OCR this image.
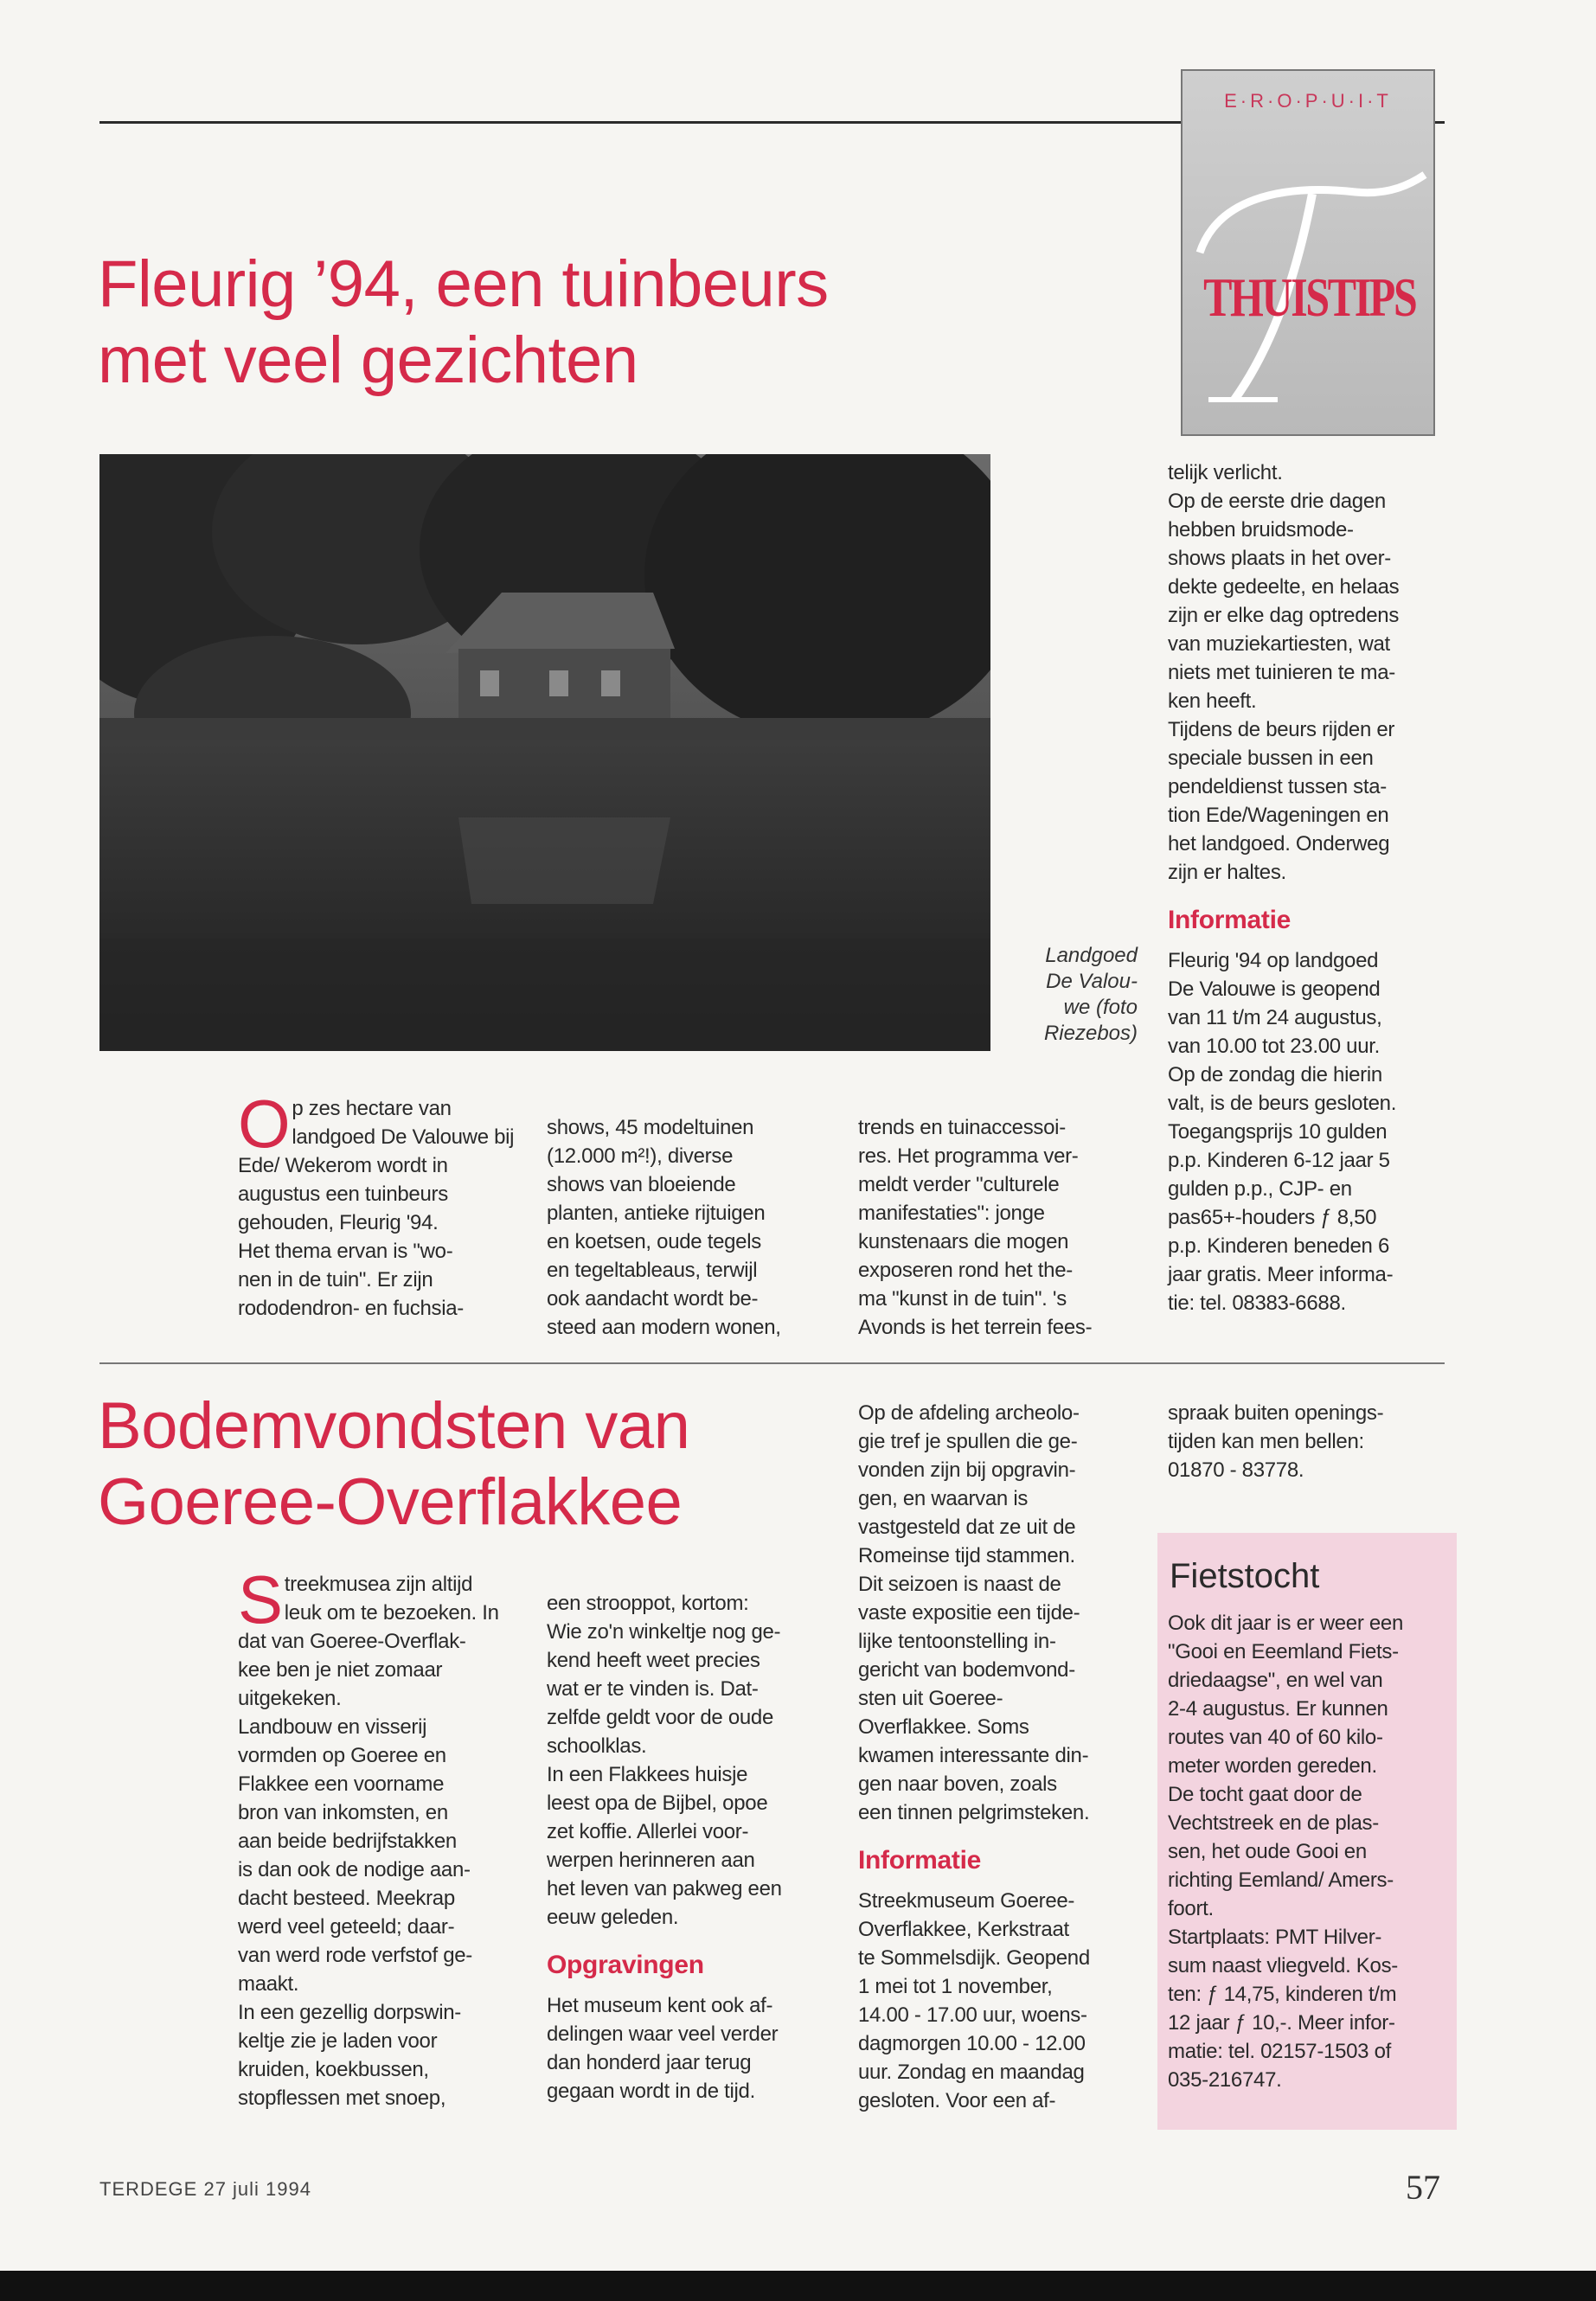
E·R·O·P·U·I·T
THUISTIPS
Fleurig ’94, een tuinbeurs
met veel gezichten
Landgoed
De Valou-
we (foto
Riezebos)
O p zes hectare van
landgoed De Valouwe bij
Ede/ Wekerom wordt in
augustus een tuinbeurs
gehouden, Fleurig '94.
Het thema ervan is "wo-
nen in de tuin". Er zijn
rododendron- en fuchsia-

shows, 45 modeltuinen
(12.000 m²!), diverse
shows van bloeiende
planten, antieke rijtuigen
en koetsen, oude tegels
en tegeltableaus, terwijl
ook aandacht wordt be-
steed aan modern wonen,

trends en tuinaccessoi-
res. Het programma ver-
meldt verder "culturele
manifestaties": jonge
kunstenaars die mogen
exposeren rond het the-
ma "kunst in de tuin". 's
Avonds is het terrein fees-

telijk verlicht.
Op de eerste drie dagen
hebben bruidsmode-
shows plaats in het over-
dekte gedeelte, en helaas
zijn er elke dag optredens
van muziekartiesten, wat
niets met tuinieren te ma-
ken heeft.
Tijdens de beurs rijden er
speciale bussen in een
pendeldienst tussen sta-
tion Ede/Wageningen en
het landgoed. Onderweg
zijn er haltes.

Informatie

Fleurig '94 op landgoed
De Valouwe is geopend
van 11 t/m 24 augustus,
van 10.00 tot 23.00 uur.
Op de zondag die hierin
valt, is de beurs gesloten.
Toegangsprijs 10 gulden
p.p. Kinderen 6-12 jaar 5
gulden p.p., CJP- en
pas65+-houders ƒ 8,50
p.p. Kinderen beneden 6
jaar gratis. Meer informa-
tie: tel. 08383-6688.

Bodemvondsten van
Goeree-Overflakkee
S treekmusea zijn altijd
leuk om te bezoeken. In
dat van Goeree-Overflak-
kee ben je niet zomaar
uitgekeken.
Landbouw en visserij
vormden op Goeree en
Flakkee een voorname
bron van inkomsten, en
aan beide bedrijfstakken
is dan ook de nodige aan-
dacht besteed. Meekrap
werd veel geteeld; daar-
van werd rode verfstof ge-
maakt.
In een gezellig dorpswin-
keltje zie je laden voor
kruiden, koekbussen,
stopflessen met snoep,

een strooppot, kortom:
Wie zo'n winkeltje nog ge-
kend heeft weet precies
wat er te vinden is. Dat-
zelfde geldt voor de oude
schoolklas.
In een Flakkees huisje
leest opa de Bijbel, opoe
zet koffie. Allerlei voor-
werpen herinneren aan
het leven van pakweg een
eeuw geleden.

Opgravingen

Het museum kent ook af-
delingen waar veel verder
dan honderd jaar terug
gegaan wordt in de tijd.

Op de afdeling archeolo-
gie tref je spullen die ge-
vonden zijn bij opgravin-
gen, en waarvan is
vastgesteld dat ze uit de
Romeinse tijd stammen.
Dit seizoen is naast de
vaste expositie een tijde-
lijke tentoonstelling in-
gericht van bodemvond-
sten uit Goeree-
Overflakkee. Soms
kwamen interessante din-
gen naar boven, zoals
een tinnen pelgrimsteken.

Informatie

Streekmuseum Goeree-
Overflakkee, Kerkstraat
te Sommelsdijk. Geopend
1 mei tot 1 november,
14.00 - 17.00 uur, woens-
dagmorgen 10.00 - 12.00
uur. Zondag en maandag
gesloten. Voor een af-

spraak buiten openings-
tijden kan men bellen:
01870 - 83778.

Fietstocht

Ook dit jaar is er weer een
"Gooi en Eeemland Fiets-
driedaagse", en wel van
2-4 augustus. Er kunnen
routes van 40 of 60 kilo-
meter worden gereden.
De tocht gaat door de
Vechtstreek en de plas-
sen, het oude Gooi en
richting Eemland/ Amers-
foort.
Startplaats: PMT Hilver-
sum naast vliegveld. Kos-
ten: ƒ 14,75, kinderen t/m
12 jaar ƒ 10,-. Meer infor-
matie: tel. 02157-1503 of
035-216747.

TERDEGE 27 juli 1994	57
